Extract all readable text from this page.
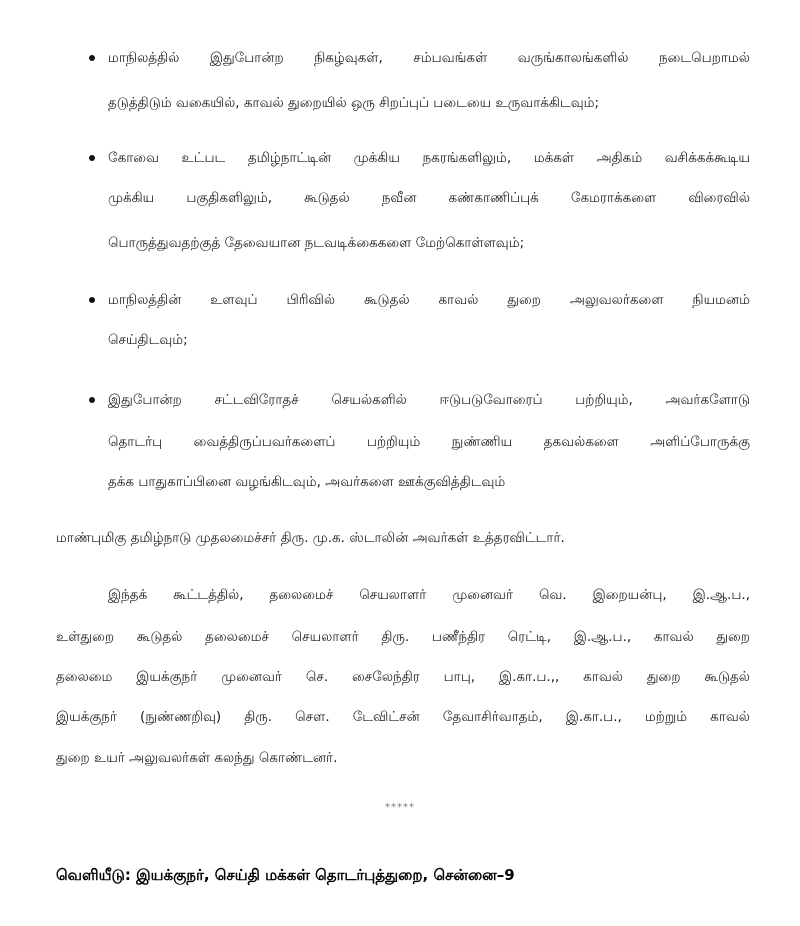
மாநிலத்தில் இதுபோன்ற நிகழ்வுகள், சம்பவங்கள் வருங்காலங்களில் நடைபெறாமல்
தடுத்திடும் வகையில், காவல் துறையில் ஒரு சிறப்புப் படையை உருவாக்கிடவும்;
கோவை உட்பட தமிழ்நாட்டின் முக்கிய நகரங்களிலும், மக்கள் அதிகம் வசிக்கக்கூடிய
முக்கிய பகுதிகளிலும், கூடுதல் நவீன கண்காணிப்புக் கேமராக்களை விரைவில்
பொருத்துவதற்குத் தேவையான நடவடிக்கைகளை மேற்கொள்ளவும்;
மாநிலத்தின் உளவுப் பிரிவில் கூடுதல் காவல் துறை அலுவலர்களை நியமனம்
செய்திடவும்;
இதுபோன்ற சட்டவிரோதச் செயல்களில் ஈடுபடுவோரைப் பற்றியும், அவர்களோடு
தொடர்பு வைத்திருப்பவர்களைப் பற்றியும் நுண்ணிய தகவல்களை அளிப்போருக்கு
தக்க பாதுகாப்பினை வழங்கிடவும், அவர்களை ஊக்குவித்திடவும்
மாண்புமிகு தமிழ்நாடு முதலமைச்சர் திரு. மு.க. ஸ்டாலின் அவர்கள் உத்தரவிட்டார்.
இந்தக் கூட்டத்தில், தலைமைச் செயலாளர் முனைவர் வெ. இறையன்பு, இ.ஆ.ப.,
உள்துறை கூடுதல் தலைமைச் செயலாளர் திரு. பணீந்திர ரெட்டி, இ.ஆ.ப., காவல் துறை
தலைமை இயக்குநர் முனைவர் செ. சைலேந்திர பாபு, இ.கா.ப.,, காவல் துறை கூடுதல்
இயக்குநர் (நுண்ணறிவு) திரு. சௌ. டேவிட்சன் தேவாசிர்வாதம், இ.கா.ப., மற்றும் காவல்
துறை உயர் அலுவலர்கள் கலந்து கொண்டனர்.
*****
வெளியீடு: இயக்குநர், செய்தி மக்கள் தொடர்புத்துறை, சென்னை–9
